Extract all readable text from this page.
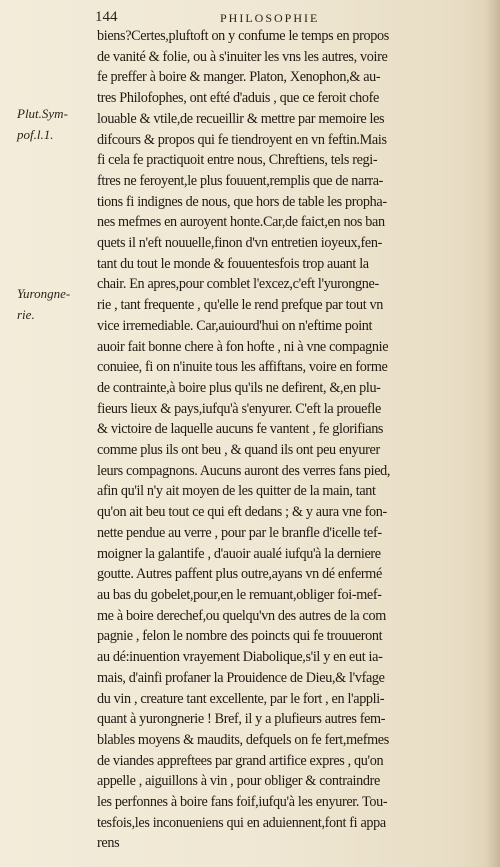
144	PHILOSOPHIE
Plut.Sym-
pof.l.1.
Yurongne-
rie.
biens?Certes,pluftoft on y confume le temps en propos
de vanité & folie, ou à s'inuiter les vns les autres, voire
fe preffer à boire & manger. Platon, Xenophon,& au-
tres Philofophes, ont efté d'aduis , que ce feroit chofe
louable & vtile,de recueillir & mettre par memoire les
difcours & propos qui fe tiendroyent en vn feftin.Mais
fi cela fe practiquoit entre nous, Chreftiens, tels regi-
ftres ne feroyent,le plus fouuent,remplis que de narra-
tions fi indignes de nous, que hors de table les propha-
nes mefmes en auroyent honte.Car,de faict,en nos ban
quets il n'eft nouuelle,finon d'vn entretien ioyeux,fen-
tant du tout le monde & fouuentesfois trop auant la
chair. En apres,pour comblet l'excez,c'eft l'yurongne-
rie , tant frequente , qu'elle le rend prefque par tout vn
vice irremediable. Car,auiourd'hui on n'eftime point
auoir fait bonne chere à fon hofte , ni à vne compagnie
conuiee, fi on n'inuite tous les affiftans, voire en forme
de contrainte,à boire plus qu'ils ne defirent, &,en plu-
fieurs lieux & pays,iufqu'à s'enyurer. C'eft la prouefle
& victoire de laquelle aucuns fe vantent , fe glorifians
comme plus ils ont beu , & quand ils ont peu enyurer
leurs compagnons. Aucuns auront des verres fans pied,
afin qu'il n'y ait moyen de les quitter de la main, tant
qu'on ait beu tout ce qui eft dedans ; & y aura vne fon-
nette pendue au verre , pour par le branfle d'icelle tef-
moigner la galantife , d'auoir aualé iufqu'à la derniere
goutte. Autres paffent plus outre,ayans vn dé enfermé
au bas du gobelet,pour,en le remuant,obliger foi-mef-
me à boire derechef,ou quelqu'vn des autres de la com
pagnie , felon le nombre des poincts qui fe trouueront
au dé:inuention vrayement Diabolique,s'il y en eut ia-
mais, d'ainfi profaner la Prouidence de Dieu,& l'vfage
du vin , creature tant excellente, par le fort , en l'appli-
quant à yurongnerie ! Bref, il y a plufieurs autres fem-
blables moyens & maudits, defquels on fe fert,mefmes
de viandes appreftees par grand artifice expres , qu'on
appelle , aiguillons à vin , pour obliger & contraindre
les perfonnes à boire fans foif,iufqu'à les enyurer. Tou-
tesfois,les inconueniens qui en aduiennent,font fi appa
rens
